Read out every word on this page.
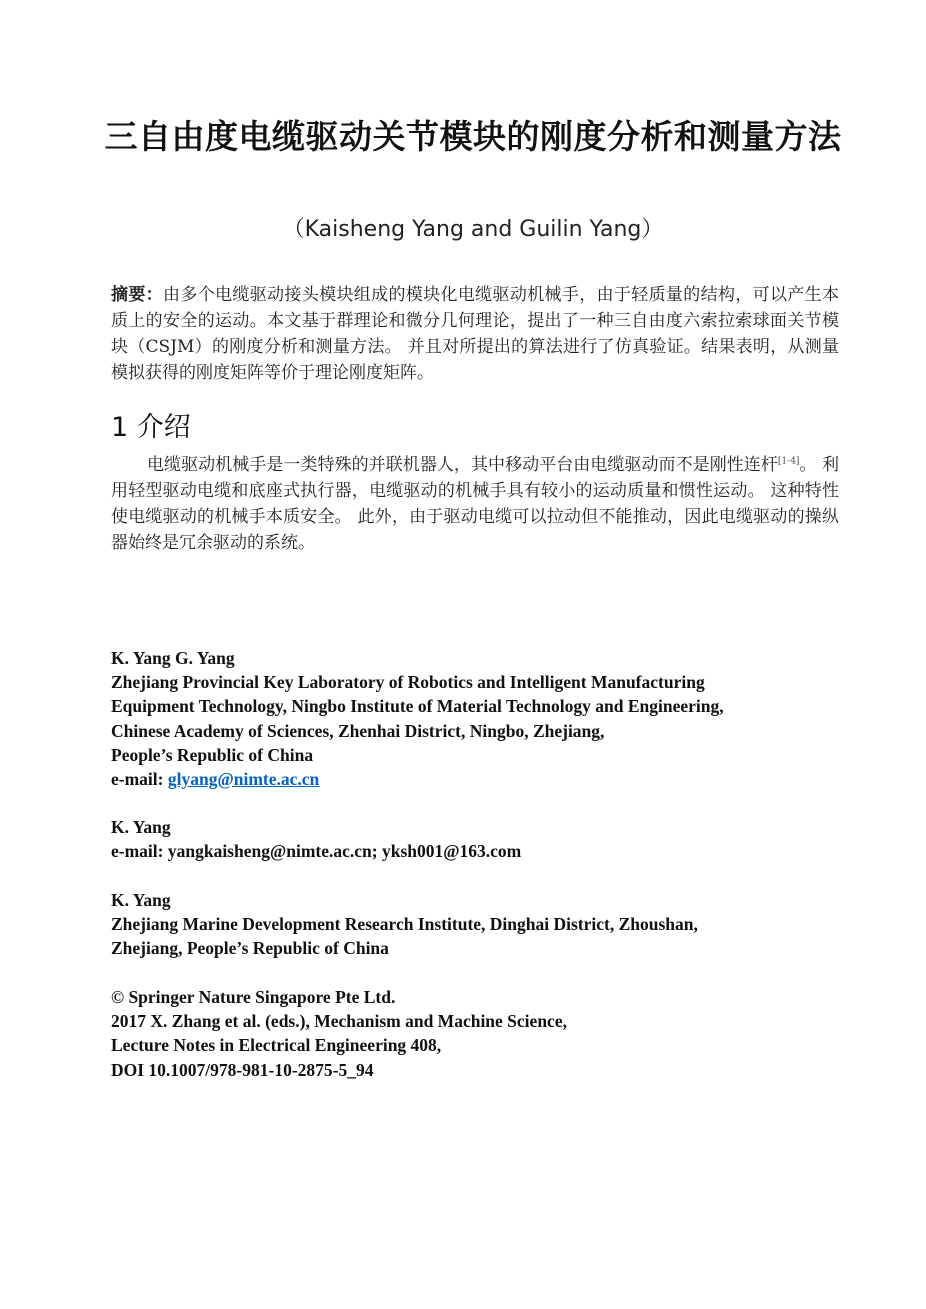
三自由度电缆驱动关节模块的刚度分析和测量方法
（Kaisheng Yang and Guilin Yang）
摘要：由多个电缆驱动接头模块组成的模块化电缆驱动机械手，由于轻质量的结构，可以产生本质上的安全的运动。本文基于群理论和微分几何理论，提出了一种三自由度六索拉索球面关节模块（CSJM）的刚度分析和测量方法。 并且对所提出的算法进行了仿真验证。结果表明，从测量模拟获得的刚度矩阵等价于理论刚度矩阵。
1 介绍
电缆驱动机械手是一类特殊的并联机器人，其中移动平台由电缆驱动而不是刚性连杆[1-4]。 利用轻型驱动电缆和底座式执行器，电缆驱动的机械手具有较小的运动质量和惯性运动。 这种特性使电缆驱动的机械手本质安全。 此外，由于驱动电缆可以拉动但不能推动，因此电缆驱动的操纵器始终是冗余驱动的系统。
K. Yang G. Yang
Zhejiang Provincial Key Laboratory of Robotics and Intelligent Manufacturing
Equipment Technology, Ningbo Institute of Material Technology and Engineering,
Chinese Academy of Sciences, Zhenhai District, Ningbo, Zhejiang,
People’s Republic of China
e-mail: glyang@nimte.ac.cn
K. Yang
e-mail: yangkaisheng@nimte.ac.cn; yksh001@163.com
K. Yang
Zhejiang Marine Development Research Institute, Dinghai District, Zhoushan,
Zhejiang, People’s Republic of China
© Springer Nature Singapore Pte Ltd.
2017 X. Zhang et al. (eds.), Mechanism and Machine Science,
Lecture Notes in Electrical Engineering 408,
DOI 10.1007/978-981-10-2875-5_94
